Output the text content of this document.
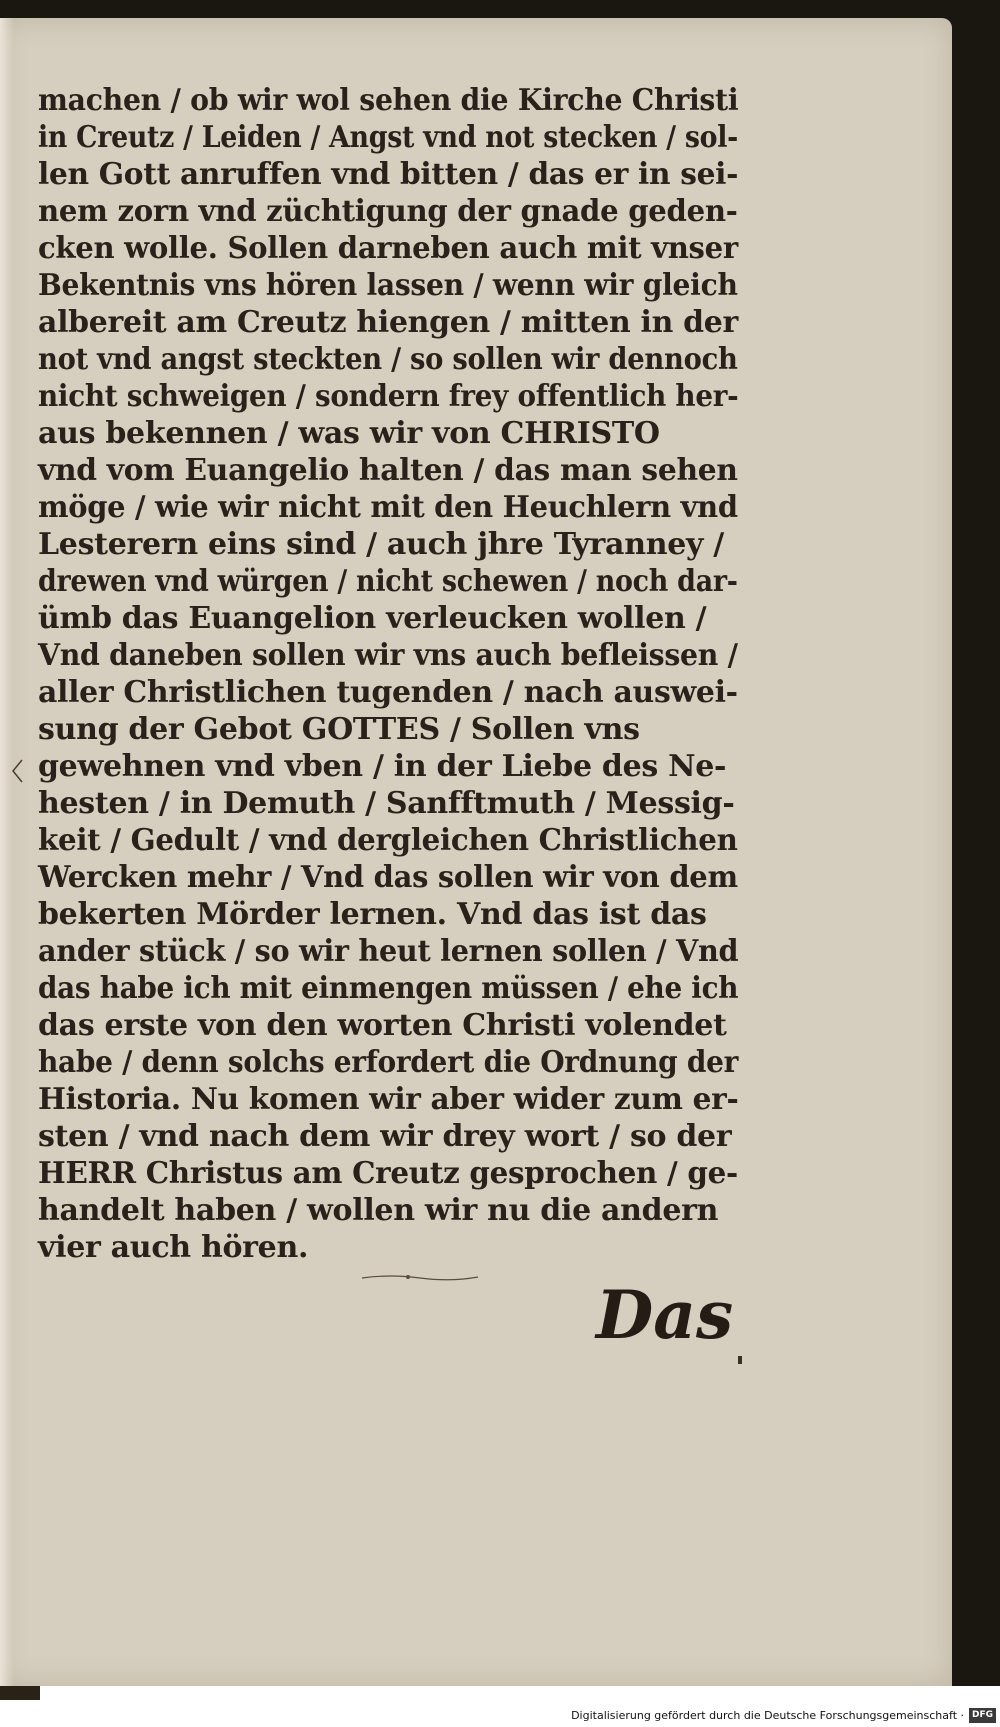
machen / ob wir wol sehen die Kirche Christi
in Creutz / Leiden / Angst vnd not stecken / sol-
len Gott anruffen vnd bitten / das er in sei-
nem zorn vnd züchtigung der gnade geden-
cken wolle. Sollen darneben auch mit vnser
Bekentnis vns hören lassen / wenn wir gleich
albereit am Creutz hiengen / mitten in der
not vnd angst steckten / so sollen wir dennoch
nicht schweigen / sondern frey offentlich her-
aus bekennen / was wir von CHRISTO
vnd vom Euangelio halten / das man sehen
möge / wie wir nicht mit den Heuchlern vnd
Lesterern eins sind / auch jhre Tyranney /
drewen vnd würgen / nicht schewen / noch dar-
ümb das Euangelion verleucken wollen /
Vnd daneben sollen wir vns auch befleissen /
aller Christlichen tugenden / nach auswei-
sung der Gebot GOTTES / Sollen vns
gewehnen vnd vben / in der Liebe des Ne-
hesten / in Demuth / Sanfftmuth / Messig-
keit / Gedult / vnd dergleichen Christlichen
Wercken mehr / Vnd das sollen wir von dem
bekerten Mörder lernen. Vnd das ist das
ander stück / so wir heut lernen sollen / Vnd
das habe ich mit einmengen müssen / ehe ich
das erste von den worten Christi volendet
habe / denn solchs erfordert die Ordnung der
Historia. Nu komen wir aber wider zum er-
sten / vnd nach dem wir drey wort / so der
HERR Christus am Creutz gesprochen / ge-
handelt haben / wollen wir nu die andern
vier auch hören.
Das
Digitalisierung gefördert durch die Deutsche Forschungsgemeinschaft · DFG
